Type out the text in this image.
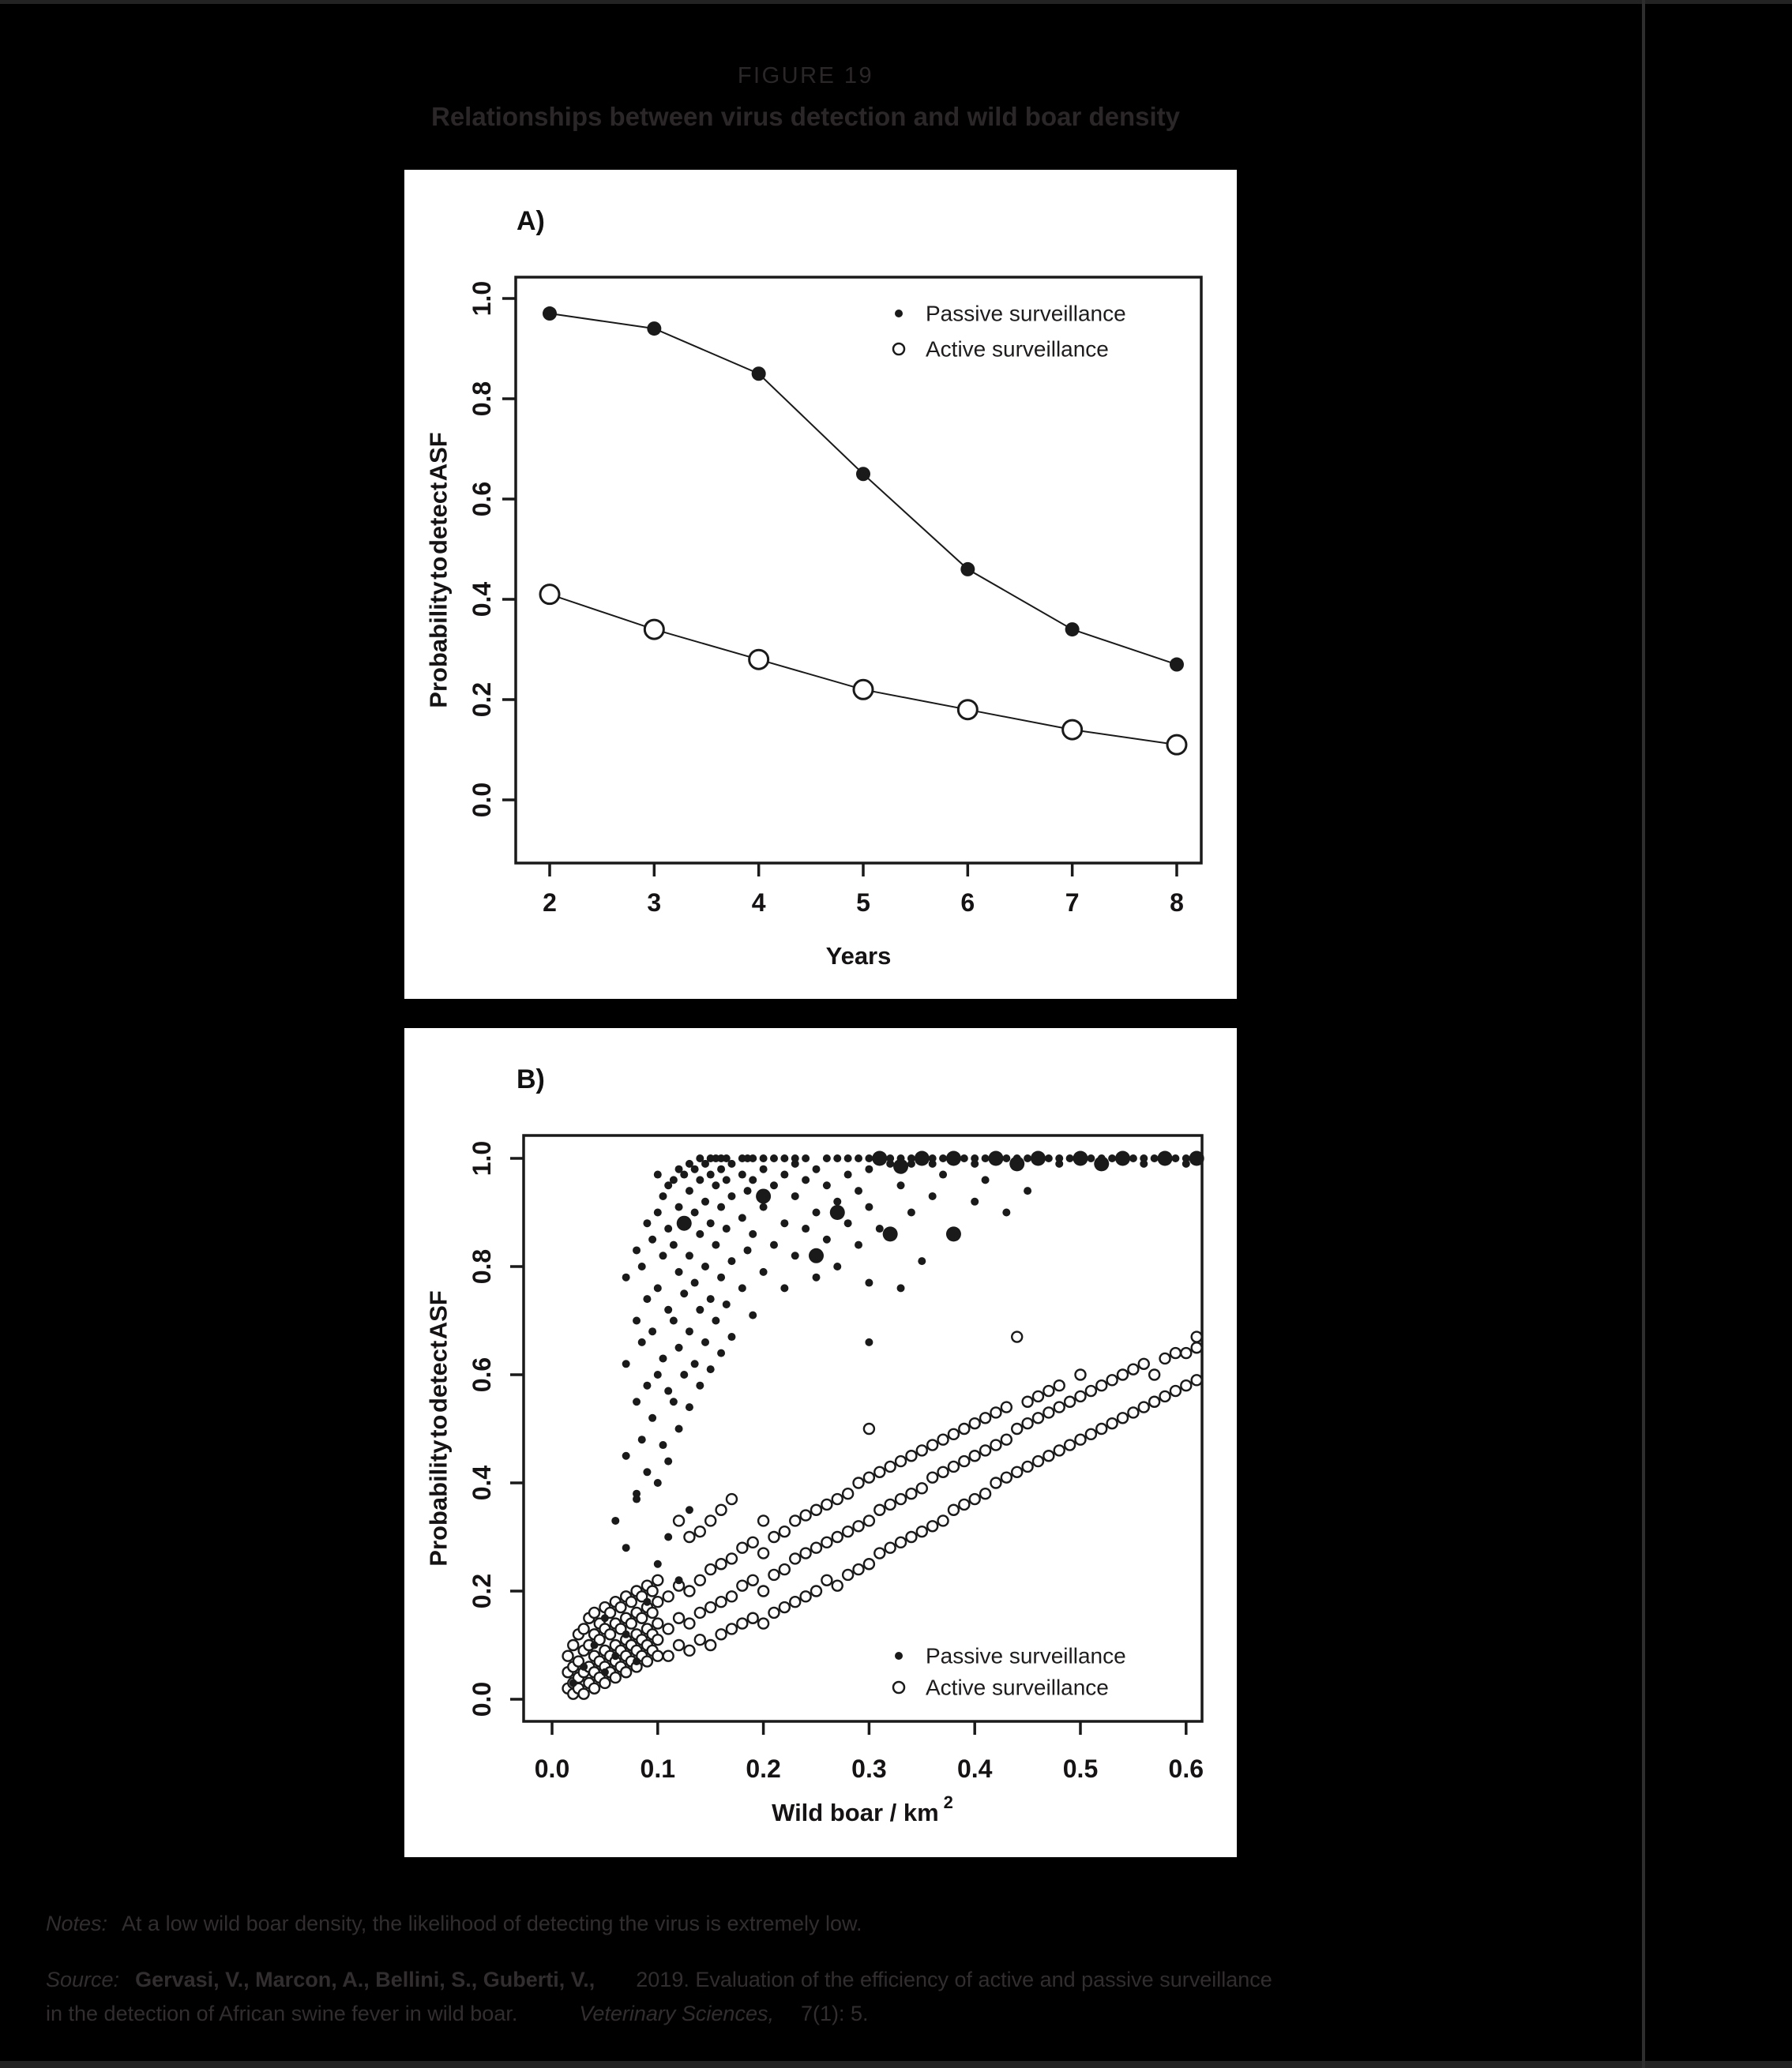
FIGURE 19
Relationships between virus detection and wild boar density
0.0
0.2
0.4
0.6
0.8
1.0
2	3	4	5	6	7	8
Probability to detect ASF
Years
Passive surveillance
Active surveillance
A)
0.0
0.2
0.4
0.6
0.8
1.0
0.0	0.1	0.2	0.3	0.4	0.5	0.6
Probability to detect ASF
Wild boar / km $^2$
Passive surveillance
Active surveillance
B)
Notes: At a low wild boar density, the likelihood of detecting the virus is extremely low.
Source: Gervasi, V., Marcon, A., Bellini, S., Guberti, V., 2019. Evaluation of the efficiency of active and passive surveillance
in the detection of African swine fever in wild boar.	Veterinary Sciences, 7(1): 5.
